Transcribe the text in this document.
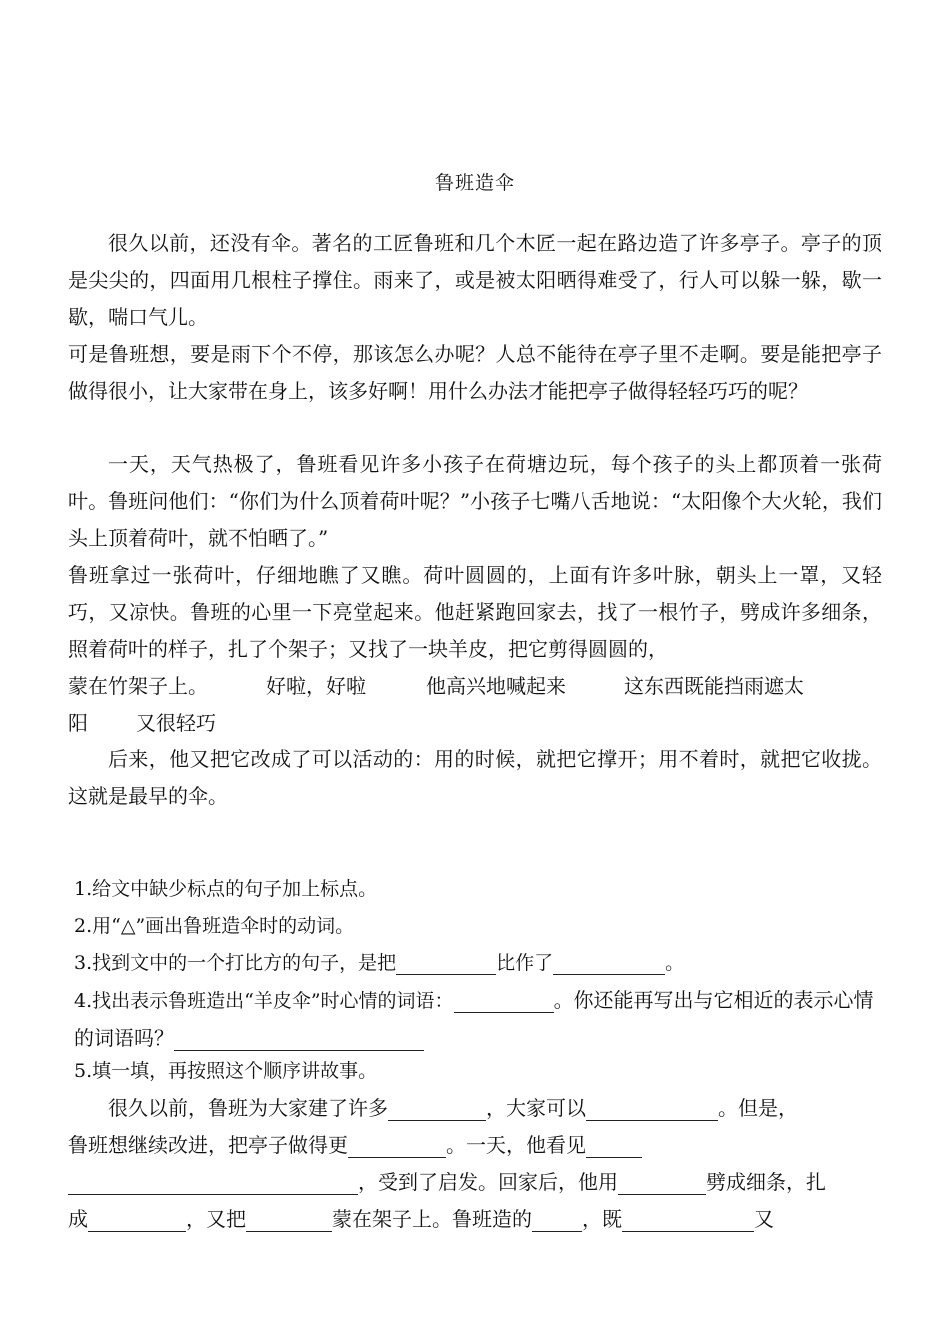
鲁班造伞
很久以前，还没有伞。著名的工匠鲁班和几个木匠一起在路边造了许多亭子。亭子的顶是尖尖的，四面用几根柱子撑住。雨来了，或是被太阳晒得难受了，行人可以躲一躲，歇一歇，喘口气儿。
可是鲁班想，要是雨下个不停，那该怎么办呢？人总不能待在亭子里不走啊。要是能把亭子做得很小，让大家带在身上，该多好啊！用什么办法才能把亭子做得轻轻巧巧的呢？
一天，天气热极了，鲁班看见许多小孩子在荷塘边玩，每个孩子的头上都顶着一张荷叶。鲁班问他们：“你们为什么顶着荷叶呢？”小孩子七嘴八舌地说：“太阳像个大火轮，我们头上顶着荷叶，就不怕晒了。”
鲁班拿过一张荷叶，仔细地瞧了又瞧。荷叶圆圆的，上面有许多叶脉，朝头上一罩，又轻巧，又凉快。鲁班的心里一下亮堂起来。他赶紧跑回家去，找了一根竹子，劈成许多细条，照着荷叶的样子，扎了个架子；又找了一块羊皮，把它剪得圆圆的，
蒙在竹架子上。	好啦，好啦	他高兴地喊起来	这东西既能挡雨遮太
阳 又很轻巧
后来，他又把它改成了可以活动的：用的时候，就把它撑开；用不着时，就把它收拢。这就是最早的伞。
1.给文中缺少标点的句子加上标点。
2.用“△”画出鲁班造伞时的动词。
3.找到文中的一个打比方的句子，是把	比作了	。
4.找出表示鲁班造出“羊皮伞”时心情的词语：	。你还能再写出与它相近的表示心情的词语吗？
5.填一填，再按照这个顺序讲故事。
很久以前，鲁班为大家建了许多	，大家可以	。但是，
鲁班想继续改进，把亭子做得更	。一天，他看见
，受到了启发。回家后，他用	劈成细条，扎
成	，又把	蒙在架子上。鲁班造的	，既	又
